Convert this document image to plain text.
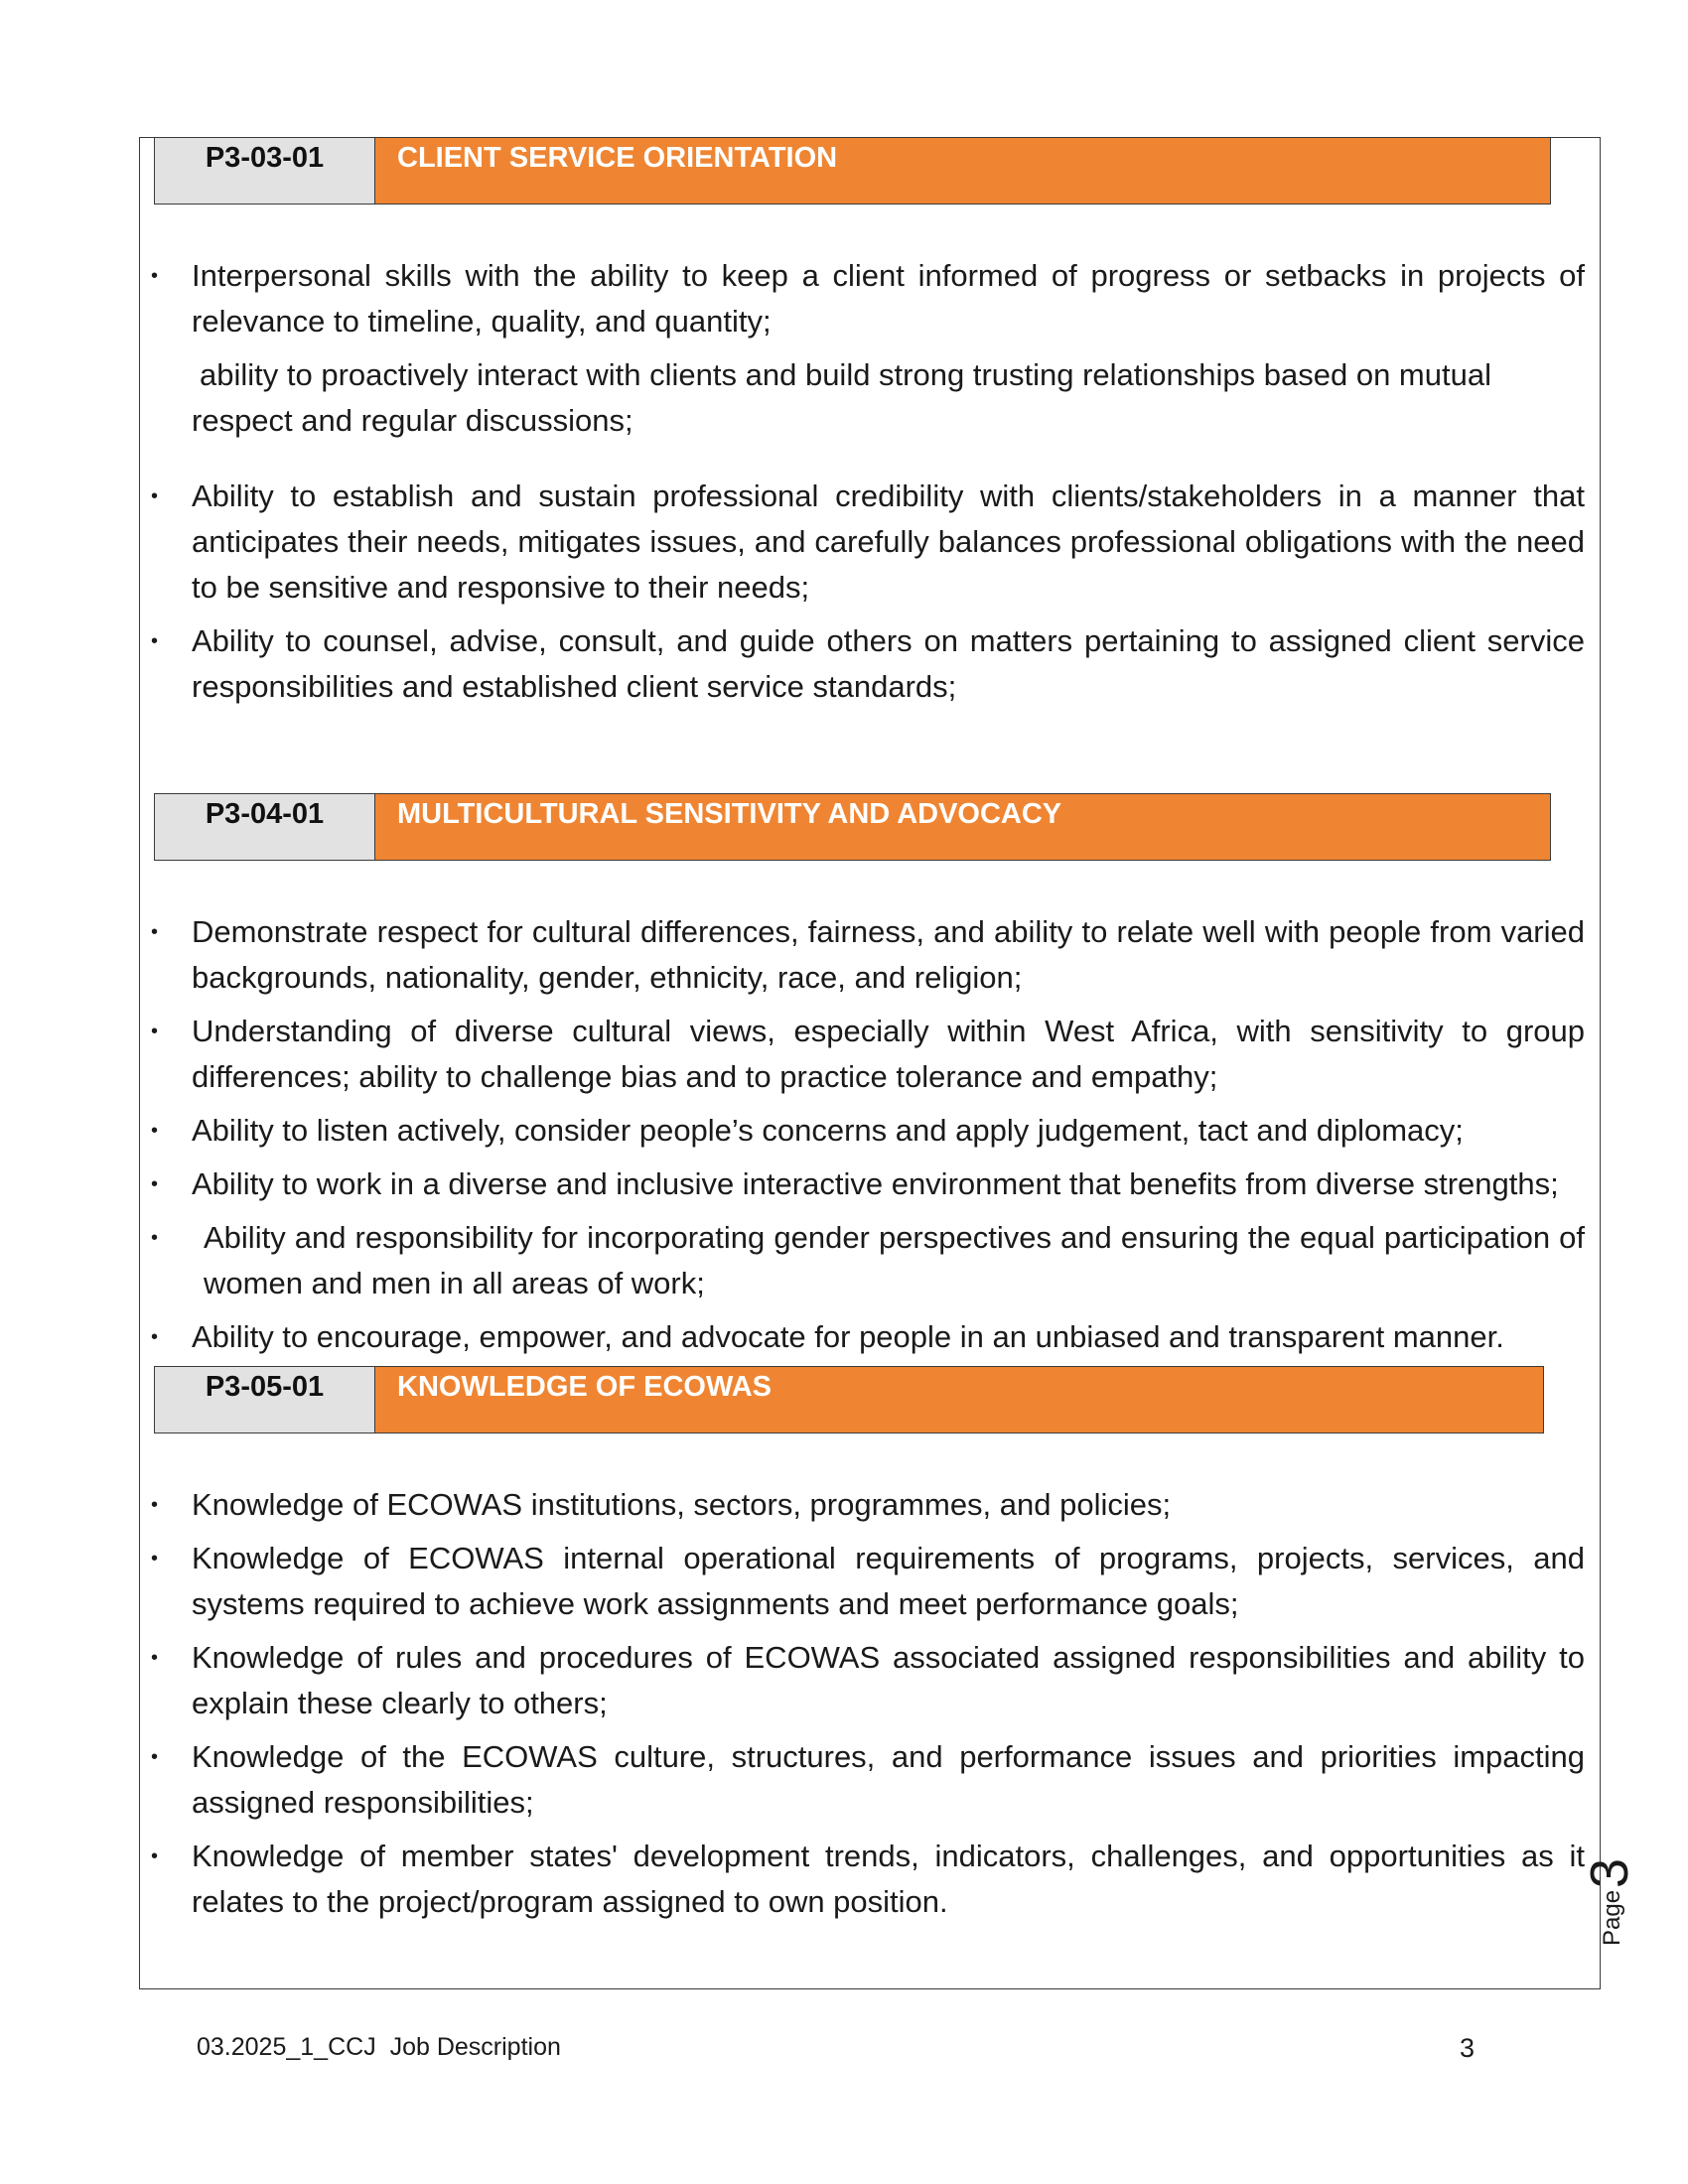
P3-03-01	CLIENT SERVICE ORIENTATION
• Interpersonal skills with the ability to keep a client informed of progress or setbacks in projects of relevance to timeline, quality, and quantity;
ability to proactively interact with clients and build strong trusting relationships based on mutual respect and regular discussions;
• Ability to establish and sustain professional credibility with clients/stakeholders in a manner that anticipates their needs, mitigates issues, and carefully balances professional obligations with the need to be sensitive and responsive to their needs;
• Ability to counsel, advise, consult, and guide others on matters pertaining to assigned client service responsibilities and established client service standards;
P3-04-01	MULTICULTURAL SENSITIVITY AND ADVOCACY
• Demonstrate respect for cultural differences, fairness, and ability to relate well with people from varied backgrounds, nationality, gender, ethnicity, race, and religion;
• Understanding of diverse cultural views, especially within West Africa, with sensitivity to group differences; ability to challenge bias and to practice tolerance and empathy;
• Ability to listen actively, consider people’s concerns and apply judgement, tact and diplomacy;
• Ability to work in a diverse and inclusive interactive environment that benefits from diverse strengths;
• Ability and responsibility for incorporating gender perspectives and ensuring the equal participation of women and men in all areas of work;
• Ability to encourage, empower, and advocate for people in an unbiased and transparent manner.
P3-05-01	KNOWLEDGE OF ECOWAS
• Knowledge of ECOWAS institutions, sectors, programmes, and policies;
• Knowledge of ECOWAS internal operational requirements of programs, projects, services, and systems required to achieve work assignments and meet performance goals;
• Knowledge of rules and procedures of ECOWAS associated assigned responsibilities and ability to explain these clearly to others;
• Knowledge of the ECOWAS culture, structures, and performance issues and priorities impacting assigned responsibilities;
• Knowledge of member states' development trends, indicators, challenges, and opportunities as it relates to the project/program assigned to own position.	Page3
03.2025_1_CCJ  Job Description	3
